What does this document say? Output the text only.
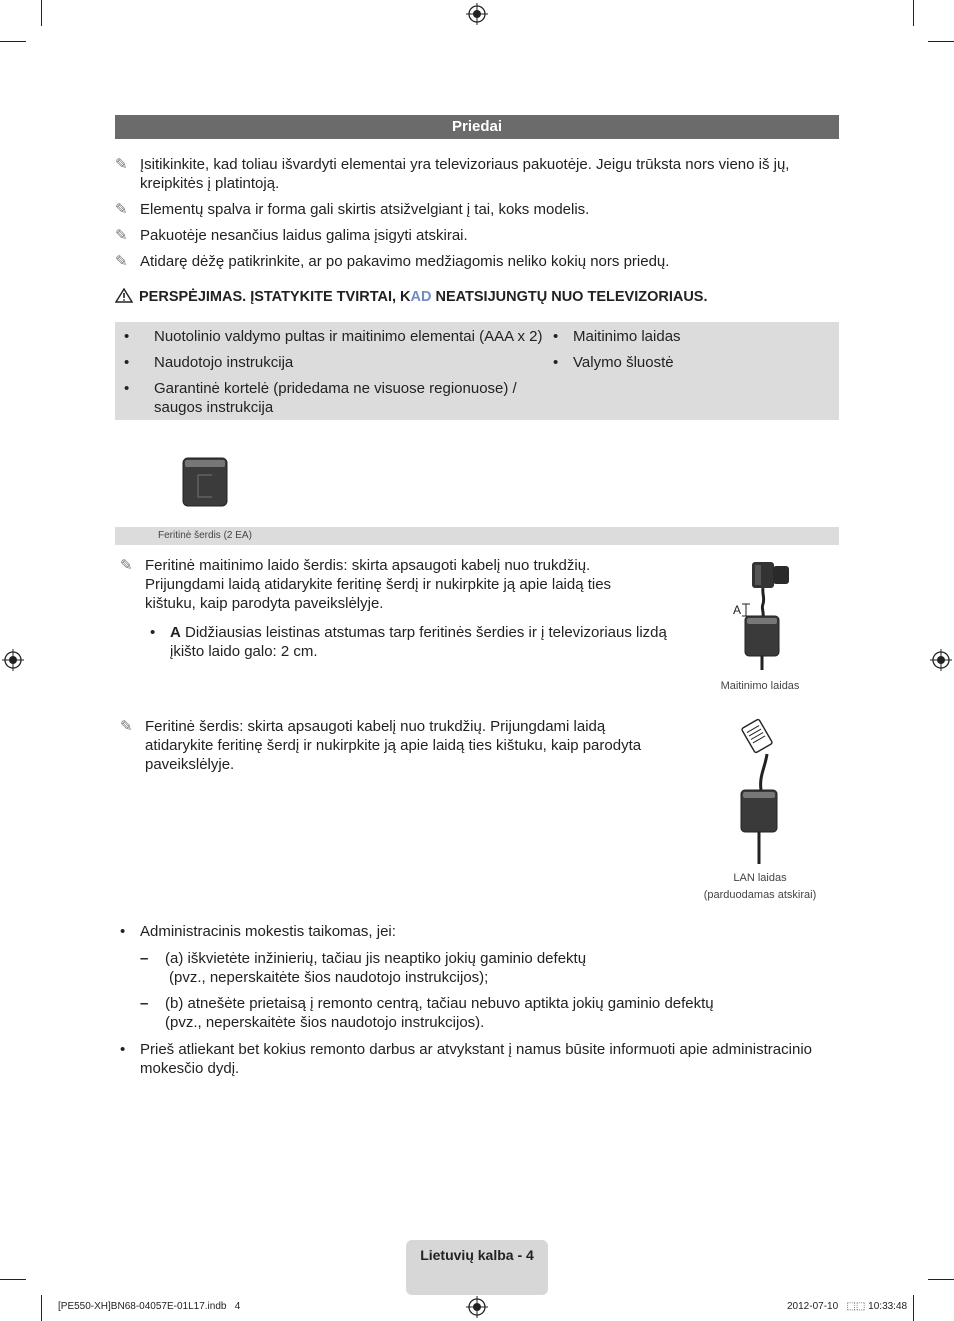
Priedai
✎ Įsitikinkite, kad toliau išvardyti elementai yra televizoriaus pakuotėje. Jeigu trūksta nors vieno iš jų, kreipkitės į platintoją.
✎ Elementų spalva ir forma gali skirtis atsižvelgiant į tai, koks modelis.
✎ Pakuotėje nesančius laidus galima įsigyti atskirai.
✎ Atidarę dėžę patikrinkite, ar po pakavimo medžiagomis neliko kokių nors priedų.
PERSPĖJIMAS. ĮSTATYKITE TVIRTAI, KAD NEATSIJUNGTŲ NUO TELEVIZORIAUS.
• Nuotolinio valdymo pultas ir maitinimo elementai (AAA x 2)
• Naudotojo instrukcija
• Garantinė kortelė (pridedama ne visuose regionuose) / saugos instrukcija
• Maitinimo laidas
• Valymo šluostė
Feritinė šerdis (2 EA)
✎ Feritinė maitinimo laido šerdis: skirta apsaugoti kabelį nuo trukdžių. Prijungdami laidą atidarykite feritinę šerdį ir nukirpkite ją apie laidą ties kištuku, kaip parodyta paveikslėlyje.
• A Didžiausias leistinas atstumas tarp feritinės šerdies ir į televizoriaus lizdą įkišto laido galo: 2 cm.
A
Maitinimo laidas
✎ Feritinė šerdis: skirta apsaugoti kabelį nuo trukdžių. Prijungdami laidą atidarykite feritinę šerdį ir nukirpkite ją apie laidą ties kištuku, kaip parodyta paveikslėlyje.
LAN laidas
(parduodamas atskirai)
• Administracinis mokestis taikomas, jei:
– (a) iškvietėte inžinierių, tačiau jis neaptiko jokių gaminio defektų
(pvz., neperskaitėte šios naudotojo instrukcijos);
– (b) atnešėte prietaisą į remonto centrą, tačiau nebuvo aptikta jokių gaminio defektų
(pvz., neperskaitėte šios naudotojo instrukcijos).
• Prieš atliekant bet kokius remonto darbus ar atvykstant į namus būsite informuoti apie administracinio mokesčio dydį.
Lietuvių kalba - 4
[PE550-XH]BN68-04057E-01L17.indb   4	2012-07-10   ⬚⬚ 10:33:48
